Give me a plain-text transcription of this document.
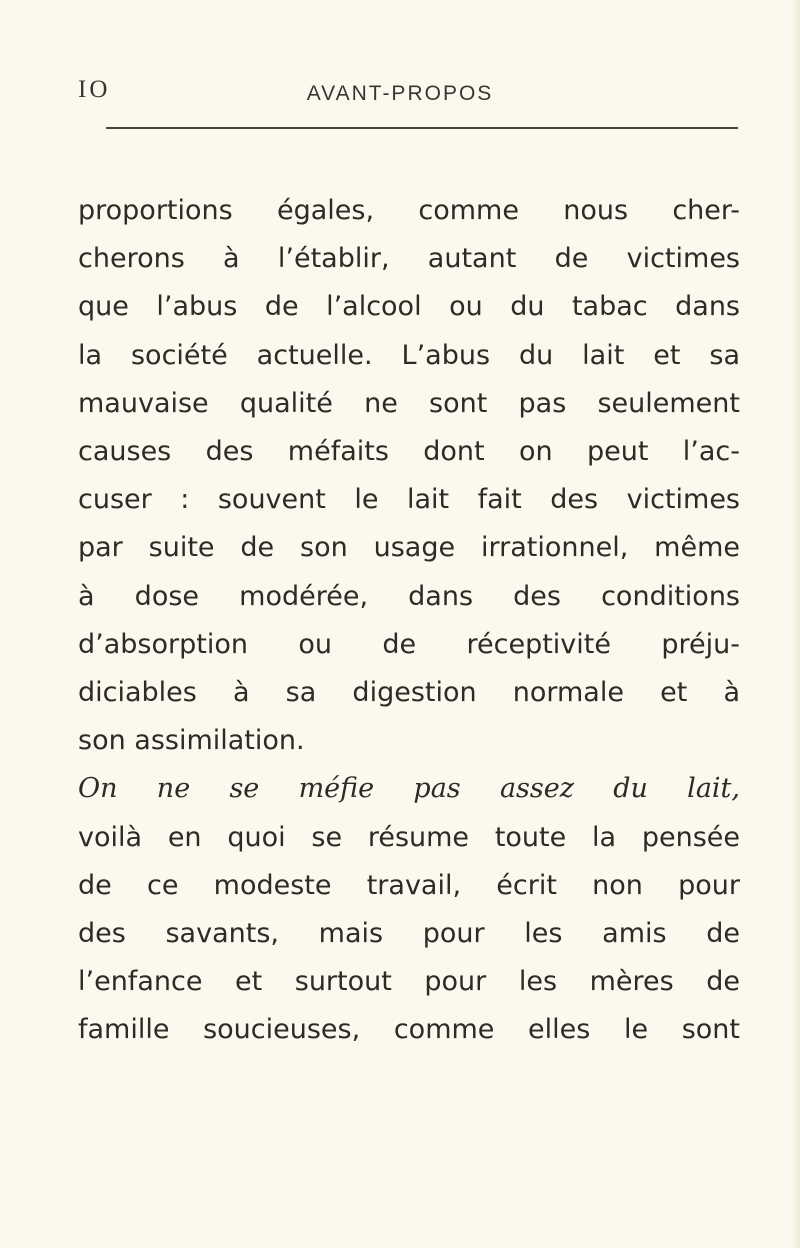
IO	AVANT-PROPOS
proportions égales, comme nous cher-
cherons à l’établir, autant de victimes
que l’abus de l’alcool ou du tabac dans
la société actuelle. L’abus du lait et sa
mauvaise qualité ne sont pas seulement
causes des méfaits dont on peut l’ac-
cuser : souvent le lait fait des victimes
par suite de son usage irrationnel, même
à dose modérée, dans des conditions
d’absorption ou de réceptivité préju-
diciables à sa digestion normale et à
son assimilation.
On ne se méfie pas assez du lait,
voilà en quoi se résume toute la pensée
de ce modeste travail, écrit non pour
des savants, mais pour les amis de
l’enfance et surtout pour les mères de
famille soucieuses, comme elles le sont
